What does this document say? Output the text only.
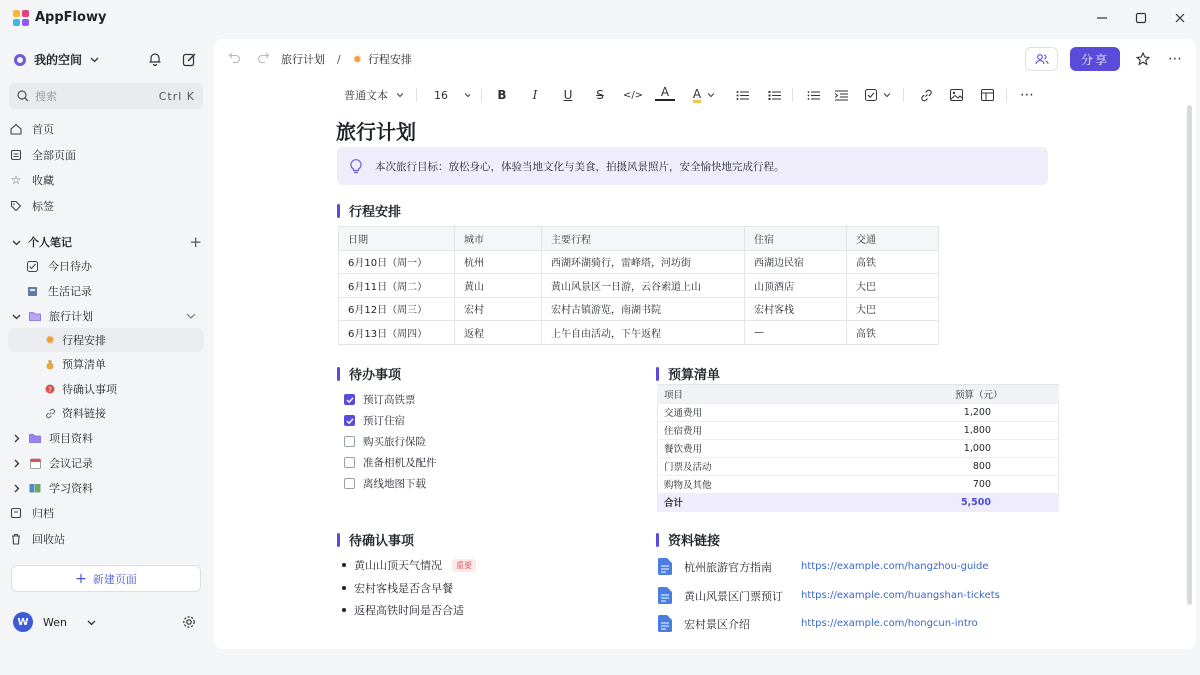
AppFlowy
我的空间
搜索	Ctrl K
首页
全部页面
☆ 收藏
标签
个人笔记	+
今日待办
生活记录
旅行计划
✹ 行程安排
预算清单
? 待确认事项
资料链接
项目资料
会议记录
学习资料
归档
回收站
+ 新建页面
W	Wen
旅行计划 / ✹ 行程安排	分享	⋯
普通文本	16	B I U S </> A A	⋯
旅行计划
本次旅行目标：放松身心，体验当地文化与美食，拍摄风景照片，安全愉快地完成行程。
行程安排
日期	城市	主要行程	住宿	交通
6月10日（周一）	杭州	西湖环湖骑行，雷峰塔，河坊街	西湖边民宿	高铁
6月11日（周二）	黄山	黄山风景区一日游，云谷索道上山	山顶酒店	大巴
6月12日（周三）	宏村	宏村古镇游览，南湖书院	宏村客栈	大巴
6月13日（周四）	返程	上午自由活动，下午返程	—	高铁
待办事项
预订高铁票
预订住宿
购买旅行保险
准备相机及配件
离线地图下载
预算清单
项目	预算（元）
交通费用	1,200
住宿费用	1,800
餐饮费用	1,000
门票及活动	800
购物及其他	700
合计	5,500
待确认事项
黄山山顶天气情况	重要
宏村客栈是否含早餐
返程高铁时间是否合适
资料链接
杭州旅游官方指南	https://example.com/hangzhou-guide
黄山风景区门票预订 https://example.com/huangshan-tickets
宏村景区介绍	https://example.com/hongcun-intro
